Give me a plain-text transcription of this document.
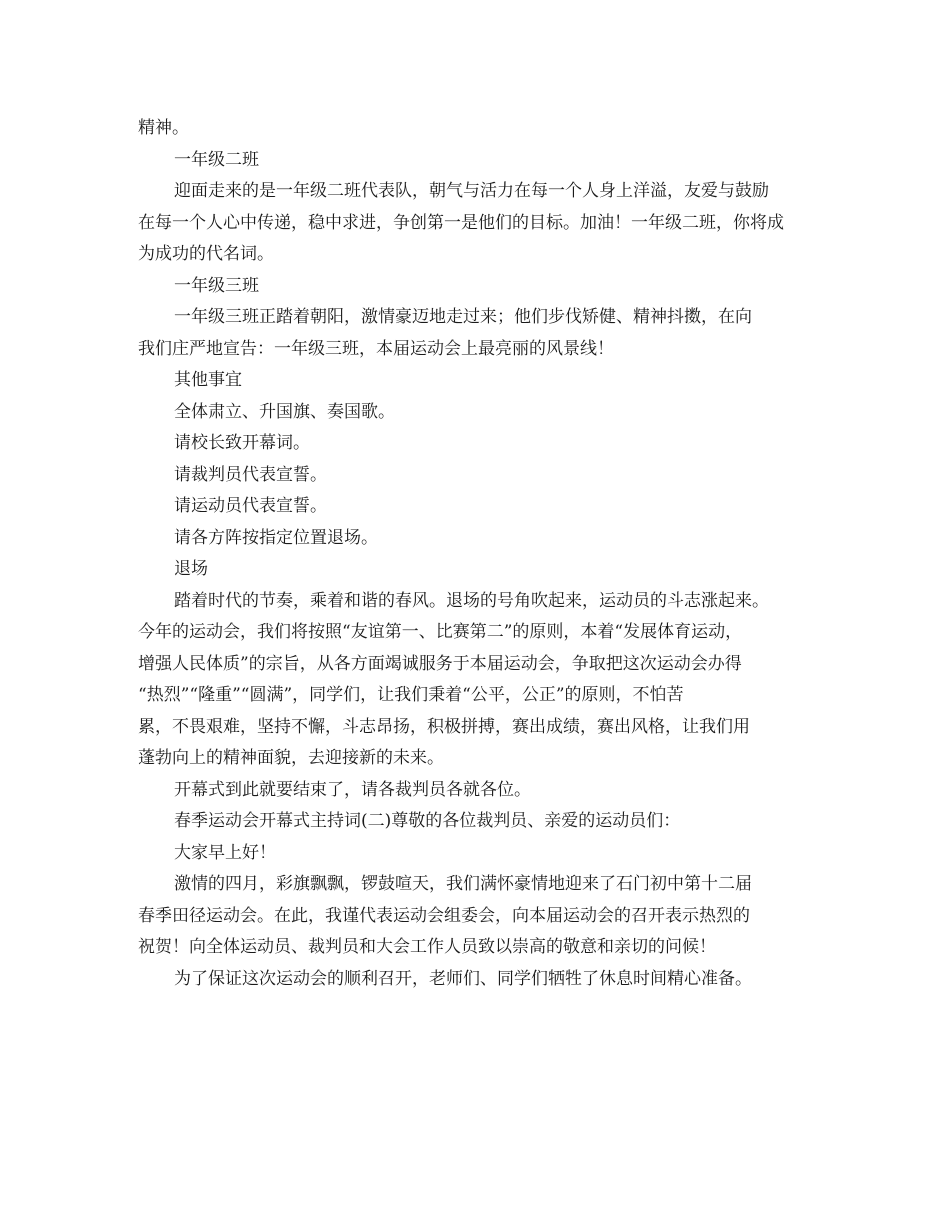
精神。

一年级二班

迎面走来的是一年级二班代表队，朝气与活力在每一个人身上洋溢，友爱与鼓励

在每一个人心中传递，稳中求进，争创第一是他们的目标。加油！一年级二班，你将成

为成功的代名词。

一年级三班

一年级三班正踏着朝阳，激情豪迈地走过来；他们步伐矫健、精神抖擞，在向

我们庄严地宣告：一年级三班，本届运动会上最亮丽的风景线！

其他事宜

全体肃立、升国旗、奏国歌。

请校长致开幕词。

请裁判员代表宣誓。

请运动员代表宣誓。

请各方阵按指定位置退场。

退场

踏着时代的节奏，乘着和谐的春风。退场的号角吹起来，运动员的斗志涨起来。

今年的运动会，我们将按照“友谊第一、比赛第二”的原则，本着“发展体育运动，

增强人民体质”的宗旨，从各方面竭诚服务于本届运动会，争取把这次运动会办得

“热烈”“隆重”“圆满”，同学们，让我们秉着“公平，公正”的原则，不怕苦

累，不畏艰难，坚持不懈，斗志昂扬，积极拼搏，赛出成绩，赛出风格，让我们用

蓬勃向上的精神面貌，去迎接新的未来。

开幕式到此就要结束了，请各裁判员各就各位。

春季运动会开幕式主持词(二)尊敬的各位裁判员、亲爱的运动员们：

大家早上好！

激情的四月，彩旗飘飘，锣鼓喧天，我们满怀豪情地迎来了石门初中第十二届

春季田径运动会。在此，我谨代表运动会组委会，向本届运动会的召开表示热烈的

祝贺！向全体运动员、裁判员和大会工作人员致以崇高的敬意和亲切的问候！

为了保证这次运动会的顺利召开，老师们、同学们牺牲了休息时间精心准备。
